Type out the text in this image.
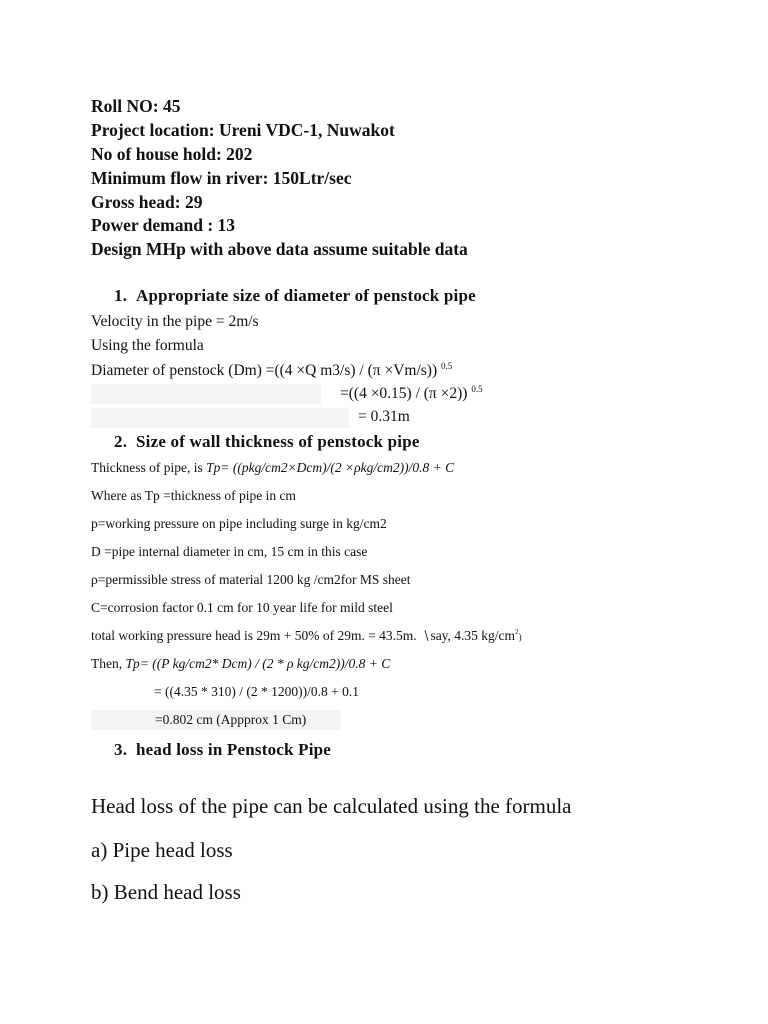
Roll NO: 45
Project location: Ureni VDC-1, Nuwakot
No of house hold: 202
Minimum flow in river: 150Ltr/sec
Gross head: 29
Power demand : 13
Design MHp with above data assume suitable data
1. Appropriate size of diameter of penstock pipe
Velocity in the pipe = 2m/s
Using the formula
Diameter of penstock (Dm) =((4 ×Q m3/s) / (π ×Vm/s)) $^{0.5}$
=((4 ×0.15) / (π ×2)) $^{0.5}$
= 0.31m
2. Size of wall thickness of penstock pipe
Thickness of pipe, is Tp= ((pkg/cm2×Dcm)/(2 ×ρkg/cm2))/0.8 + C
Where as Tp =thickness of pipe in cm
p=working pressure on pipe including surge in kg/cm2
D =pipe internal diameter in cm, 15 cm in this case
ρ=permissible stress of material 1200 kg /cm2for MS sheet
C=corrosion factor 0.1 cm for 10 year life for mild steel
total working pressure head is 29m + 50% of 29m. = 43.5m. say, 4.35 $kg/cm^2$)
Then, Tp= ((P kg/cm2* Dcm) / (2 * ρ kg/cm2))/0.8 + C
= ((4.35 * 310) / (2 * 1200))/0.8 + 0.1
=0.802 cm (Appprox 1 Cm)
3. head loss in Penstock Pipe
Head loss of the pipe can be calculated using the formula
a) Pipe head loss
b) Bend head loss
